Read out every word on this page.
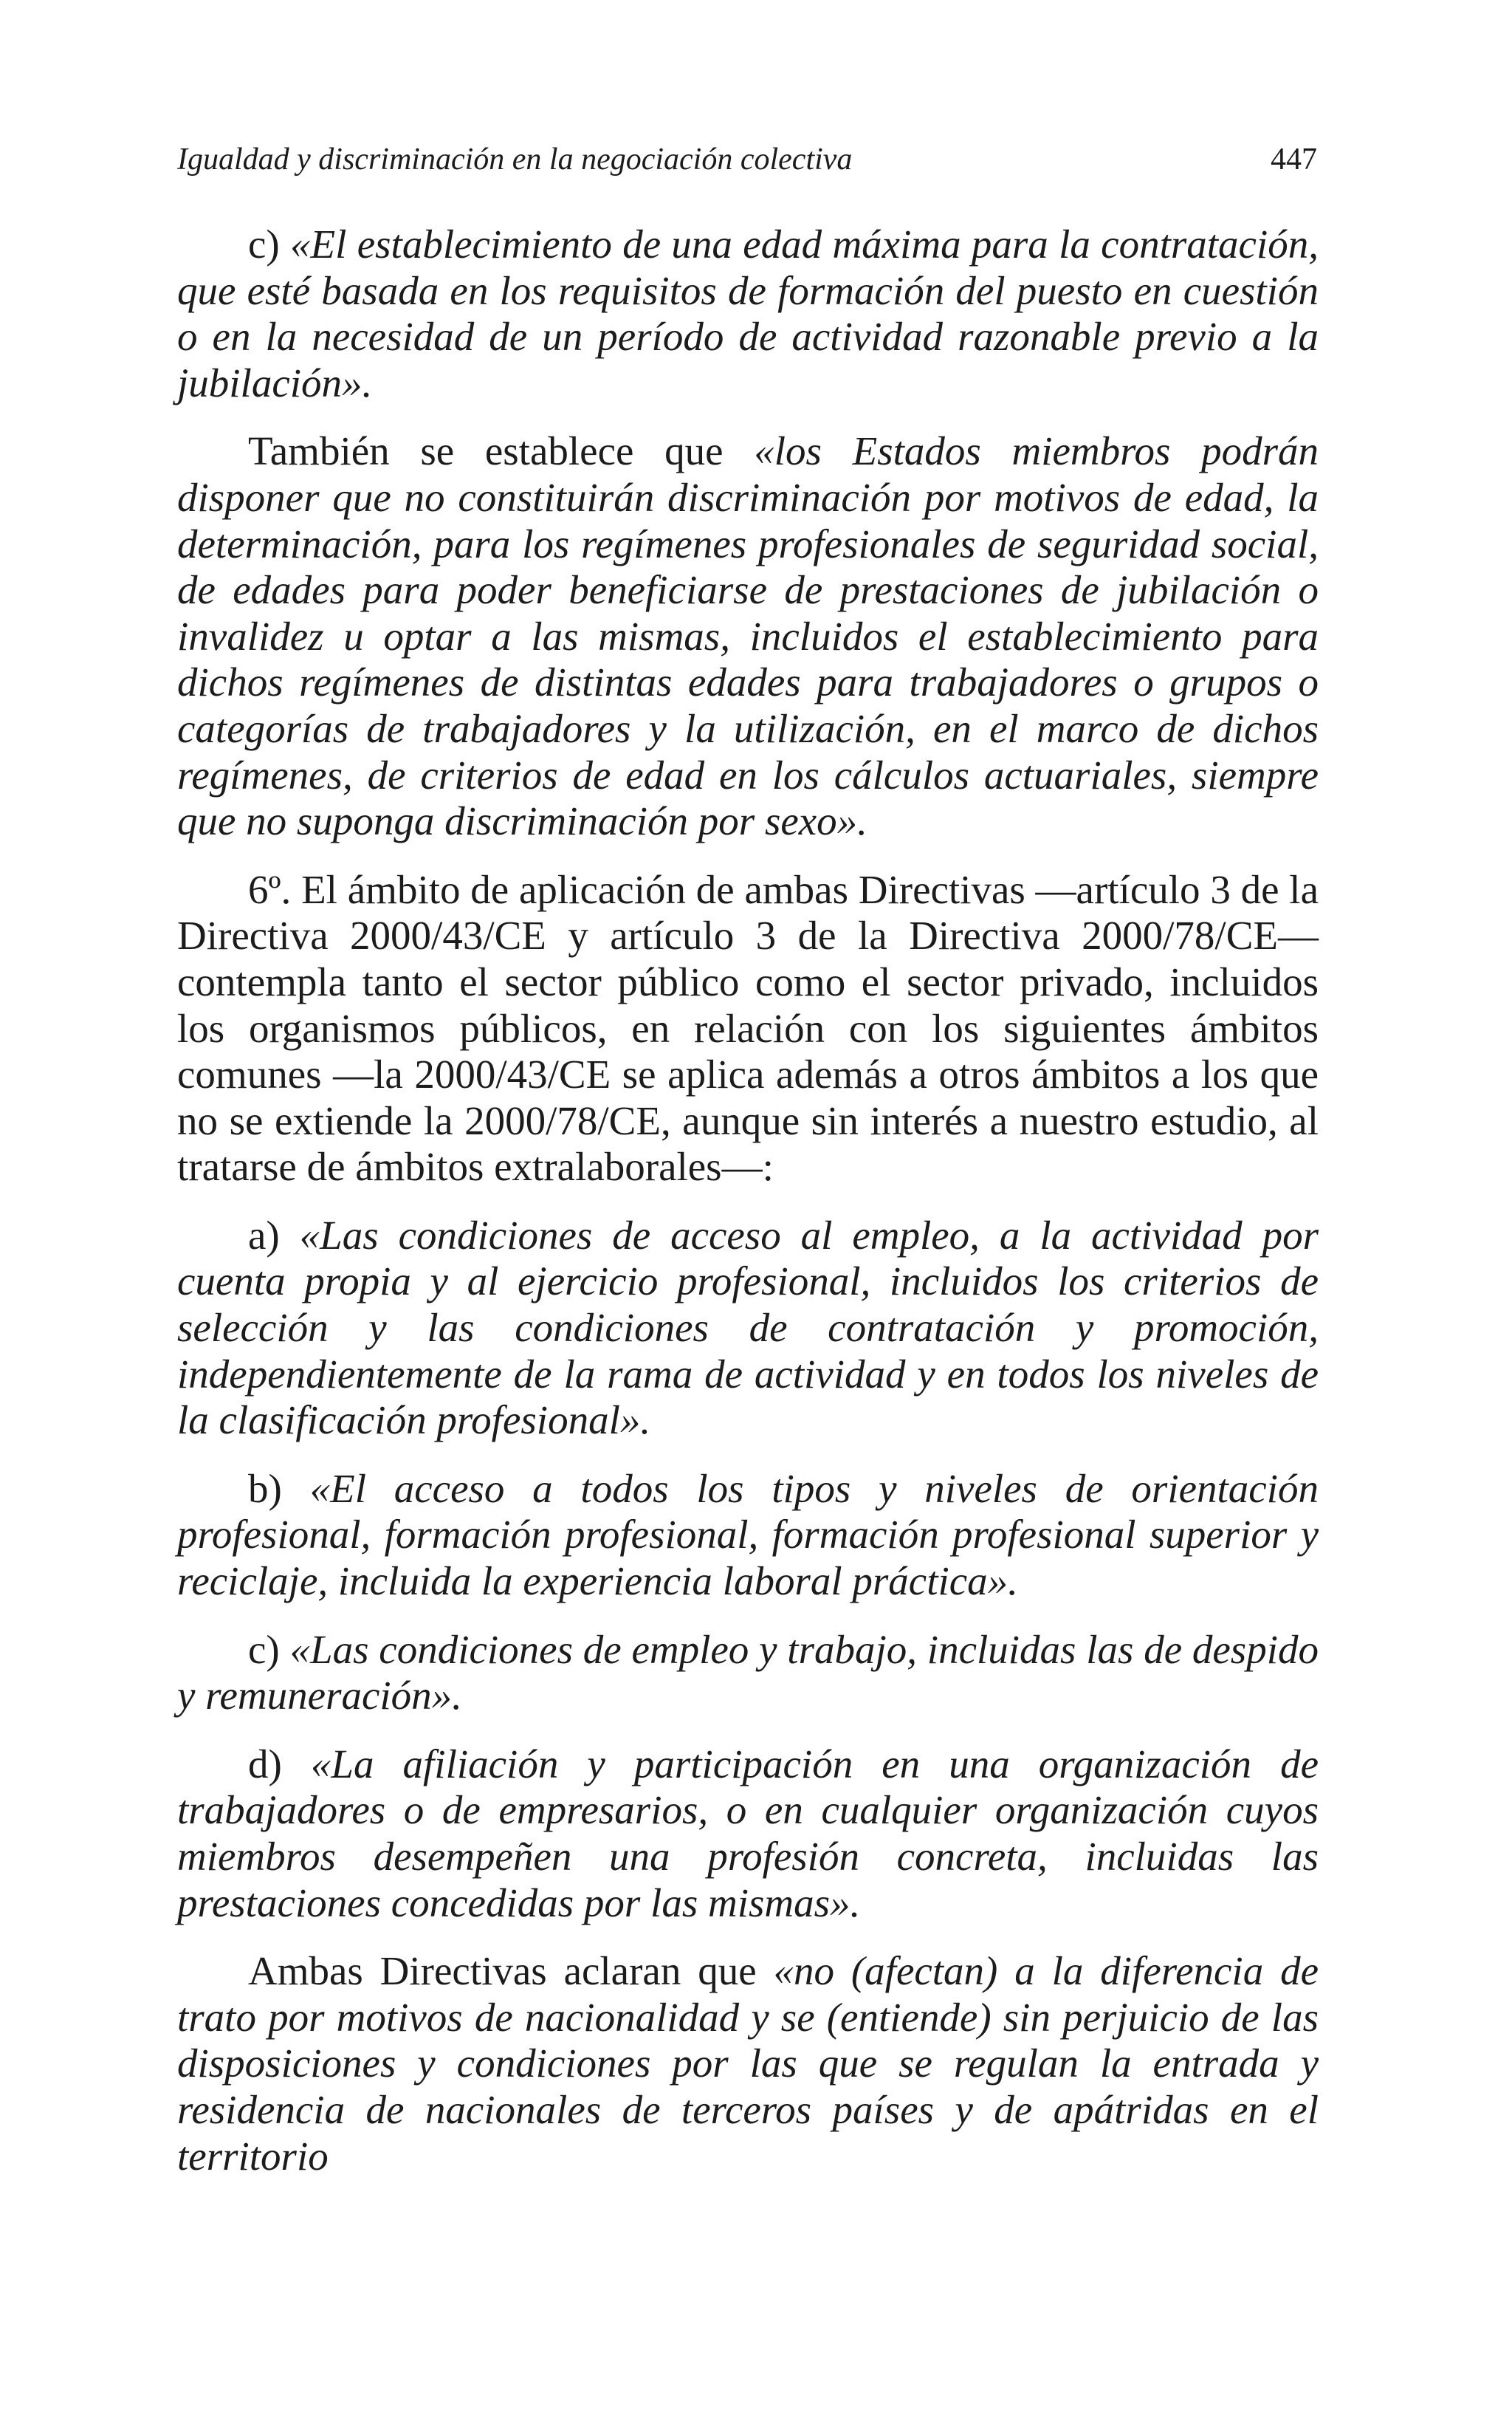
Igualdad y discriminación en la negociación colectiva	447

c) «El establecimiento de una edad máxima para la contratación, que esté basada en los requisitos de formación del puesto en cuestión o en la necesidad de un período de actividad razonable previo a la jubilación».

También se establece que «los Estados miembros podrán disponer que no constituirán discriminación por motivos de edad, la determinación, para los regímenes profesionales de seguridad social, de edades para poder beneficiarse de prestaciones de jubilación o invalidez u optar a las mismas, incluidos el establecimiento para dichos regímenes de distintas edades para trabajadores o grupos o categorías de trabajadores y la utilización, en el marco de dichos regímenes, de criterios de edad en los cálculos actuariales, siempre que no suponga discriminación por sexo».

6º. El ámbito de aplicación de ambas Directivas —artículo 3 de la Directiva 2000/43/CE y artículo 3 de la Directiva 2000/78/CE— contempla tanto el sector público como el sector privado, incluidos los organismos públicos, en relación con los siguientes ámbitos comunes —la 2000/43/CE se aplica además a otros ámbitos a los que no se extiende la 2000/78/CE, aunque sin interés a nuestro estudio, al tratarse de ámbitos extralaborales—:

a) «Las condiciones de acceso al empleo, a la actividad por cuenta propia y al ejercicio profesional, incluidos los criterios de selección y las condiciones de contratación y promoción, independientemente de la rama de actividad y en todos los niveles de la clasificación profesional».

b) «El acceso a todos los tipos y niveles de orientación profesional, formación profesional, formación profesional superior y reciclaje, incluida la experiencia laboral práctica».

c) «Las condiciones de empleo y trabajo, incluidas las de despido y remuneración».

d) «La afiliación y participación en una organización de trabajadores o de empresarios, o en cualquier organización cuyos miembros desempeñen una profesión concreta, incluidas las prestaciones concedidas por las mismas».

Ambas Directivas aclaran que «no (afectan) a la diferencia de trato por motivos de nacionalidad y se (entiende) sin perjuicio de las disposiciones y condiciones por las que se regulan la entrada y residencia de nacionales de terceros países y de apátridas en el territorio
